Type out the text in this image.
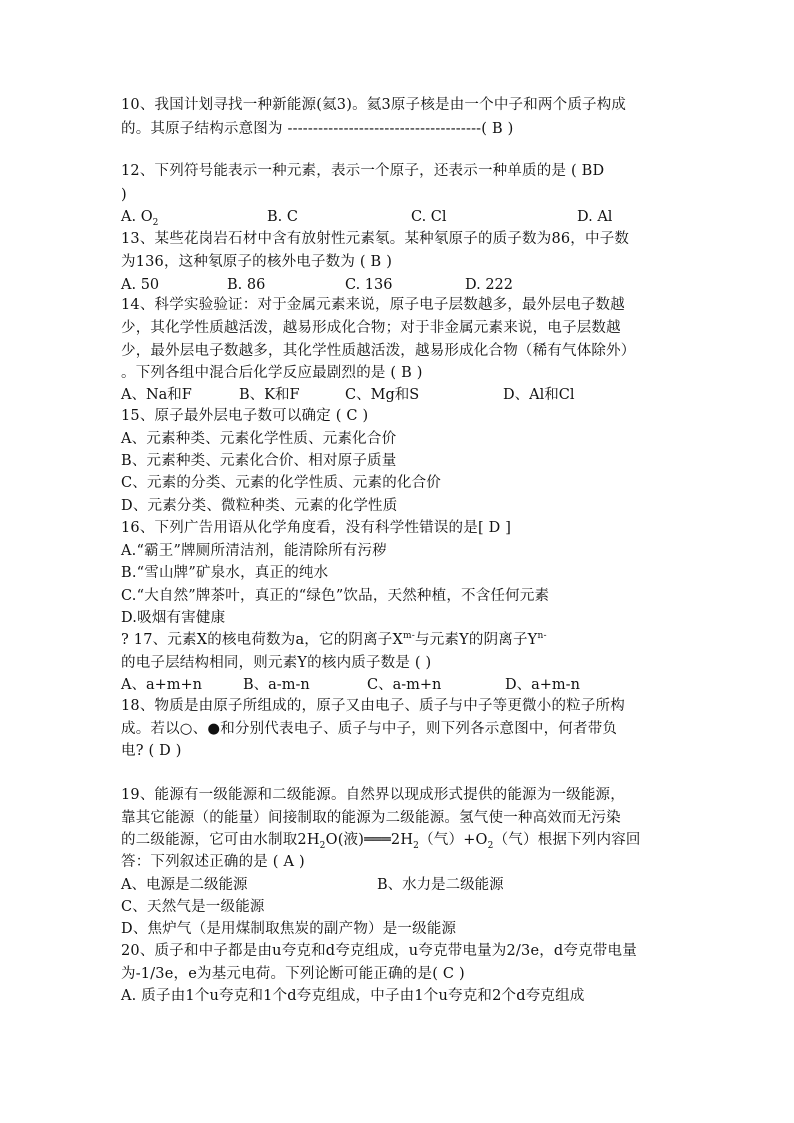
10、我国计划寻找一种新能源(氦3)。氦3原子核是由一个中子和两个质子构成
的。其原子结构示意图为 --------------------------------------( B )
12、下列符号能表示一种元素，表示一个原子，还表示一种单质的是 ( BD
)
A. $O_2$	B. C	C. Cl	D. Al
13、某些花岗岩石材中含有放射性元素氡。某种氡原子的质子数为86，中子数
为136，这种氡原子的核外电子数为 ( B )
A. 50	B. 86	C. 136	D. 222
14、科学实验验证：对于金属元素来说，原子电子层数越多，最外层电子数越
少，其化学性质越活泼，越易形成化合物；对于非金属元素来说，电子层数越
少，最外层电子数越多，其化学性质越活泼，越易形成化合物（稀有气体除外）
。下列各组中混合后化学反应最剧烈的是 ( B )
A、Na和F	B、K和F	C、Mg和S	D、Al和Cl
15、原子最外层电子数可以确定 ( C )
A、元素种类、元素化学性质、元素化合价
B、元素种类、元素化合价、相对原子质量
C、元素的分类、元素的化学性质、元素的化合价
D、元素分类、微粒种类、元素的化学性质
16、下列广告用语从化学角度看，没有科学性错误的是[ D ]
A.“霸王”牌厕所清洁剂，能清除所有污秽
B.“雪山牌”矿泉水，真正的纯水
C.“大自然”牌茶叶，真正的“绿色”饮品，天然种植，不含任何元素
D.吸烟有害健康
? 17、元素X的核电荷数为a，它的阴离子$X^{m-}$与元素Y的阴离子$Y^{n-}$
的电子层结构相同，则元素Y的核内质子数是 ( )
A、a+m+n	B、a-m-n	C、a-m+n	D、a+m-n
18、物质是由原子所组成的，原子又由电子、质子与中子等更微小的粒子所构
成。若以○、●和分别代表电子、质子与中子，则下列各示意图中，何者带负
电? ( D )
19、能源有一级能源和二级能源。自然界以现成形式提供的能源为一级能源，
靠其它能源（的能量）间接制取的能源为二级能源。氢气使一种高效而无污染
的二级能源，它可由水制取$2H_2O$(液)$═══2H_2$（气）$+O_2$（气）根据下列内容回
答：下列叙述正确的是 ( A )
A、电源是二级能源	B、水力是二级能源
C、天然气是一级能源
D、焦炉气（是用煤制取焦炭的副产物）是一级能源
20、质子和中子都是由u夸克和d夸克组成，u夸克带电量为2/3e，d夸克带电量
为-1/3e，e为基元电荷。下列论断可能正确的是( C )
A. 质子由1个u夸克和1个d夸克组成，中子由1个u夸克和2个d夸克组成
